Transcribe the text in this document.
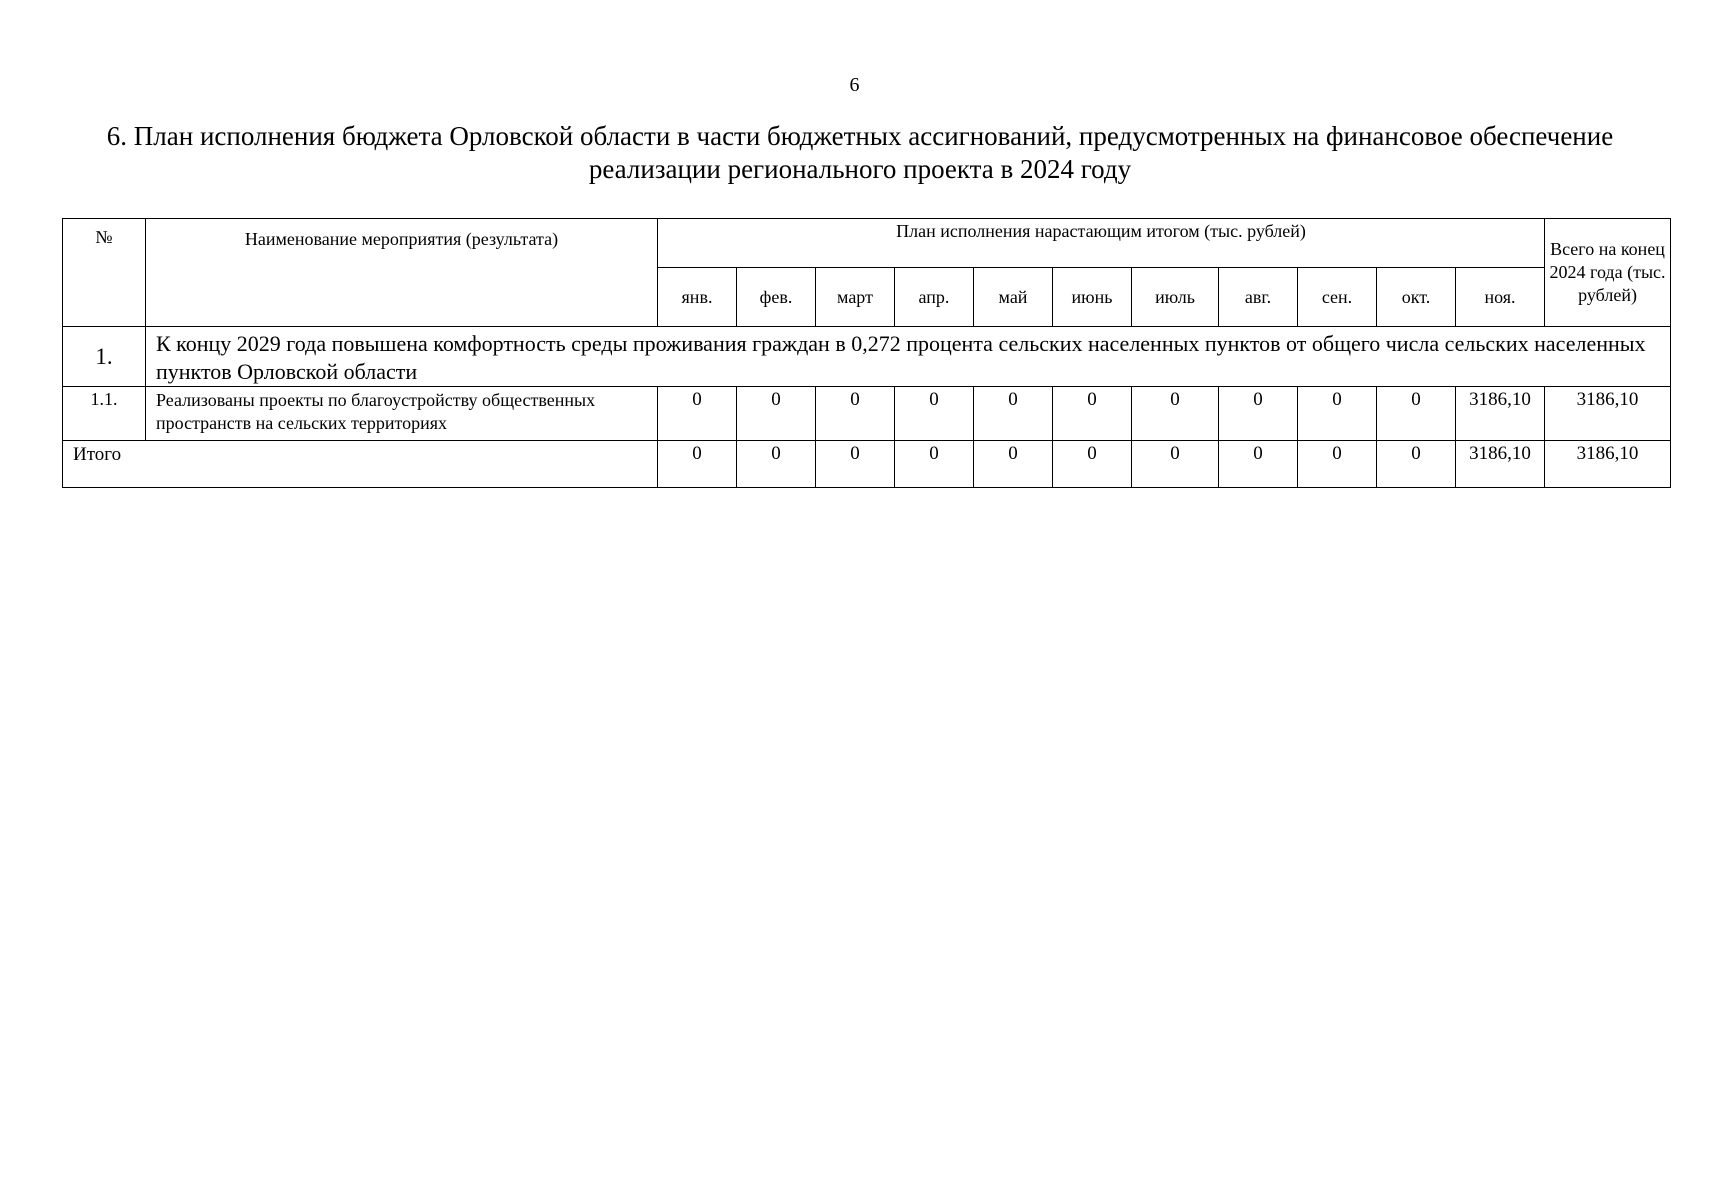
6
6. План исполнения бюджета Орловской области в части бюджетных ассигнований, предусмотренных на финансовое обеспечение реализации регионального проекта в 2024 году
№	Наименование мероприятия (результата)	План исполнения нарастающим итогом (тыс. рублей)											Всего на конец 2024 года (тыс. рублей)
		янв.	фев.	март	апр.	май	июнь	июль	авг.	сен.	окт.	ноя.	
1.	К концу 2029 года повышена комфортность среды проживания граждан в 0,272 процента сельских населенных пунктов от общего числа сельских населенных пунктов Орловской области												
1.1.	Реализованы проекты по благоустройству общественных пространств на сельских территориях	0	0	0	0	0	0	0	0	0	0	3186,10	3186,10
Итого		0	0	0	0	0	0	0	0	0	0	3186,10	3186,10
